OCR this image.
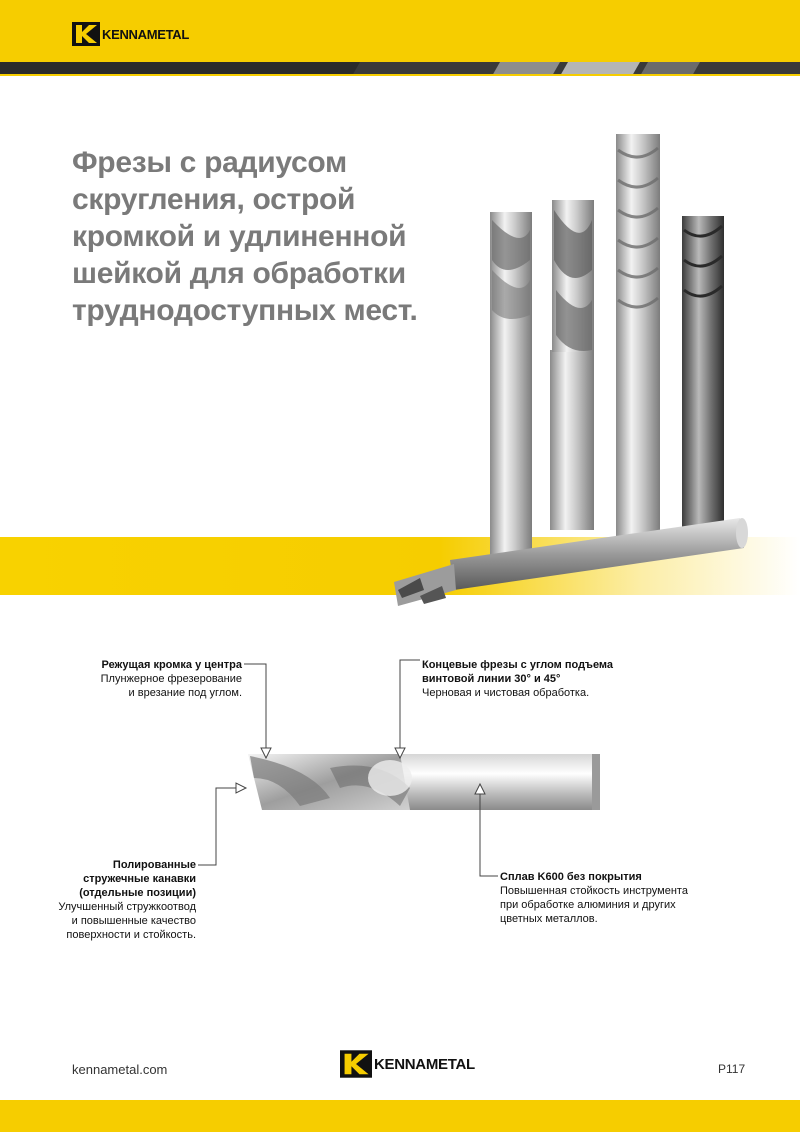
KENNAMETAL
Фрезы с радиусом
скругления, острой
кромкой и удлиненной
шейкой для обработки
труднодоступных мест.
Режущая кромка у центра
Плунжерное фрезерование
и врезание под углом.
Концевые фрезы с углом подъема
винтовой линии 30° и 45°
Черновая и чистовая обработка.
Полированные
стружечные канавки
(отдельные позиции)
Улучшенный стружкоотвод
и повышенные качество
поверхности и стойкость.
Сплав K600 без покрытия
Повышенная стойкость инструмента
при обработке алюминия и других
цветных металлов.
kennametal.com	KENNAMETAL	P117
